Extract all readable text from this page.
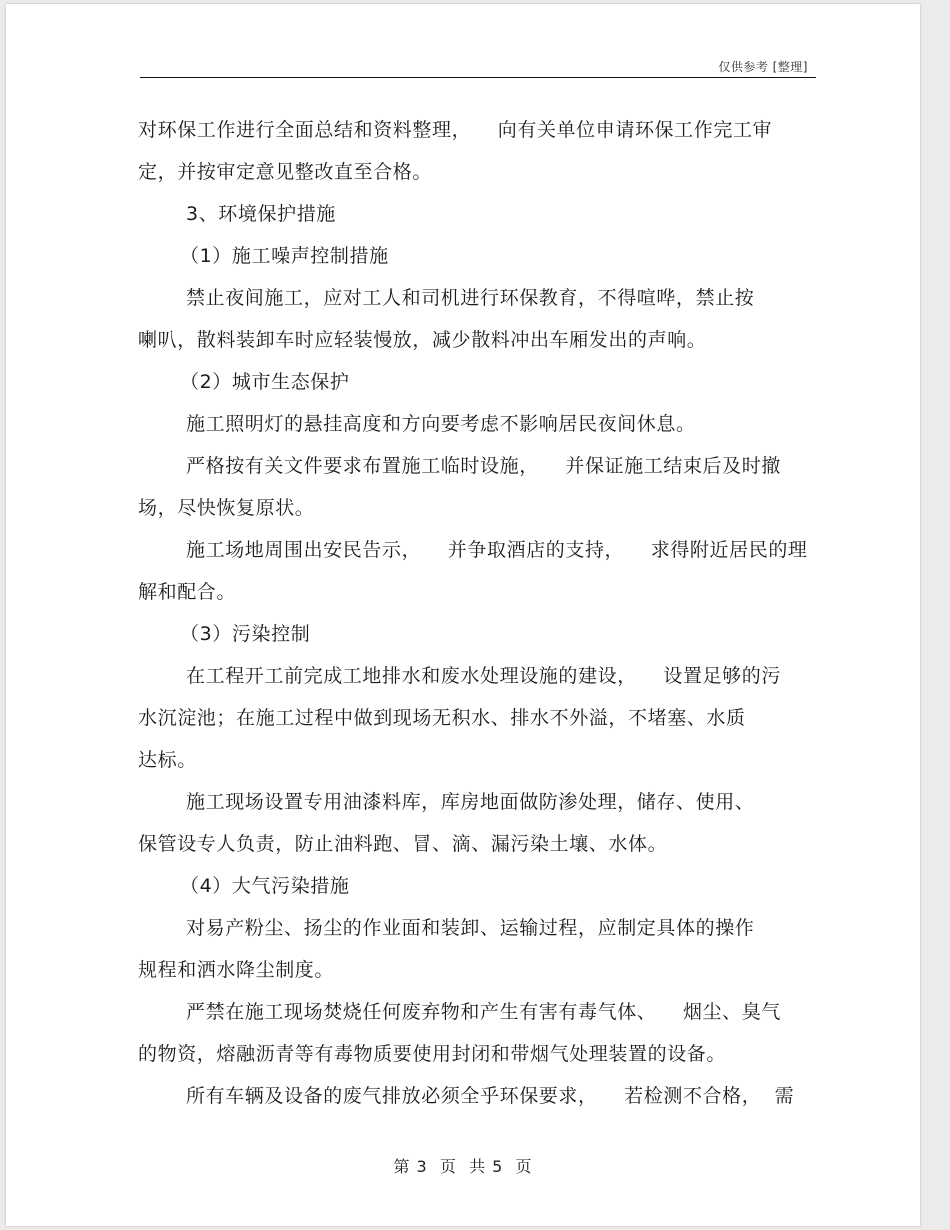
仅供参考 [整理]
对环保工作进行全面总结和资料整理，    向有关单位申请环保工作完工审
定，并按审定意见整改直至合格。
3、环境保护措施
（1）施工噪声控制措施
禁止夜间施工，应对工人和司机进行环保教育，不得喧哗，禁止按
喇叭，散料装卸车时应轻装慢放，减少散料冲出车厢发出的声响。
（2）城市生态保护
施工照明灯的悬挂高度和方向要考虑不影响居民夜间休息。
严格按有关文件要求布置施工临时设施，    并保证施工结束后及时撤
场，尽快恢复原状。
施工场地周围出安民告示，    并争取酒店的支持，    求得附近居民的理
解和配合。
（3）污染控制
在工程开工前完成工地排水和废水处理设施的建设，    设置足够的污
水沉淀池；在施工过程中做到现场无积水、排水不外溢，不堵塞、水质
达标。
施工现场设置专用油漆料库，库房地面做防渗处理，储存、使用、
保管设专人负责，防止油料跑、冒、滴、漏污染土壤、水体。
（4）大气污染措施
对易产粉尘、扬尘的作业面和装卸、运输过程，应制定具体的操作
规程和洒水降尘制度。
严禁在施工现场焚烧任何废弃物和产生有害有毒气体、    烟尘、臭气
的物资，熔融沥青等有毒物质要使用封闭和带烟气处理装置的设备。
所有车辆及设备的废气排放必须全乎环保要求，    若检测不合格，  需
第 3  页  共 5  页
